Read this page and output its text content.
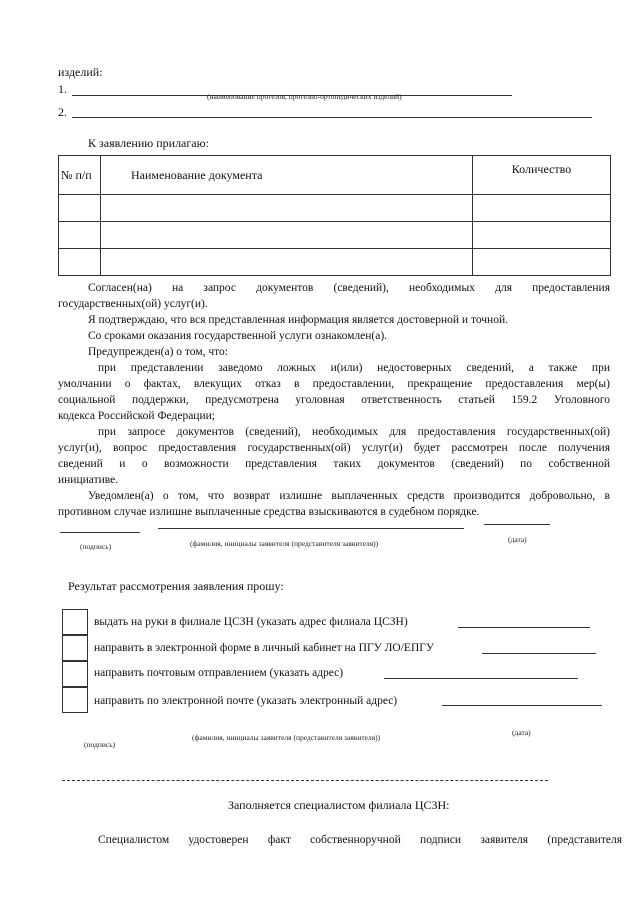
изделий:
1.
(наименование протезов, протезно-ортопедических изделий)
2.
К заявлению прилагаю:
№ п/п	Наименование документа	Количество

Согласен(на) на запрос документов (сведений), необходимых для предоставления
государственных(ой) услуг(и).
Я подтверждаю, что вся представленная информация является достоверной и точной.
Со сроками оказания государственной услуги ознакомлен(а).
Предупрежден(а) о том, что:
при представлении заведомо ложных и(или) недостоверных сведений, а также при
умолчании о фактах, влекущих отказ в предоставлении, прекращение предоставления мер(ы)
социальной поддержки, предусмотрена уголовная ответственность статьей 159.2 Уголовного
кодекса Российской Федерации;
при запросе документов (сведений), необходимых для предоставления государственных(ой)
услуг(и), вопрос предоставления государственных(ой) услуг(и) будет рассмотрен после получения
сведений и о возможности представления таких документов (сведений) по собственной
инициативе.
Уведомлен(а) о том, что возврат излишне выплаченных средств производится добровольно, в
противном случае излишне выплаченные средства взыскиваются в судебном порядке.
(подпись)	(фамилия, инициалы заявителя (представителя заявителя))	(дата)
Результат рассмотрения заявления прошу:
выдать на руки в филиале ЦСЗН (указать адрес филиала ЦСЗН)
направить в электронной форме в личный кабинет на ПГУ ЛО/ЕПГУ
направить почтовым отправлением (указать адрес)
направить по электронной почте (указать электронный адрес)
(подпись)
(фамилия, инициалы заявителя (представителя заявителя))
(дата)
Заполняется специалистом филиала ЦСЗН:
Специалистом удостоверен факт собственноручной подписи заявителя (представителя
